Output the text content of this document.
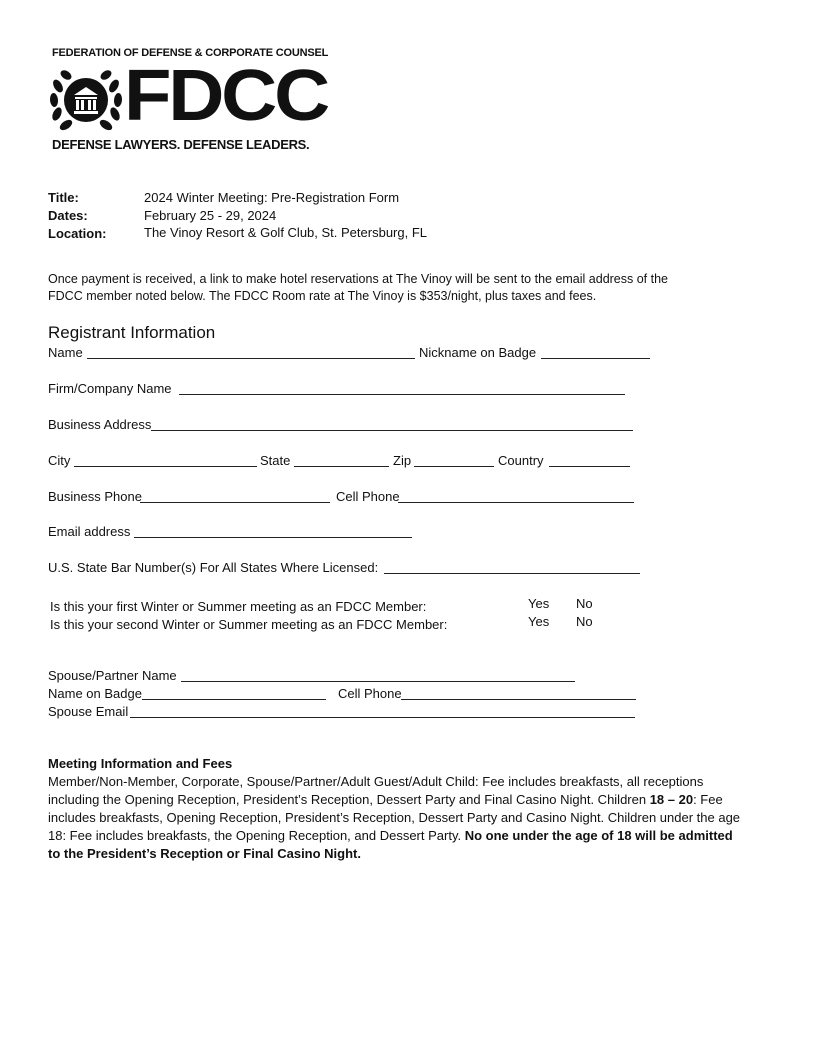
FEDERATION OF DEFENSE & CORPORATE COUNSEL
FDCC
DEFENSE LAWYERS. DEFENSE LEADERS.
Title:	2024 Winter Meeting: Pre-Registration Form
Dates:	February 25 - 29, 2024
Location:	The Vinoy Resort & Golf Club, St. Petersburg, FL
Once payment is received, a link to make hotel reservations at The Vinoy will be sent to the email address of the
FDCC member noted below. The FDCC Room rate at The Vinoy is $353/night, plus taxes and fees.
Registrant Information
Name	Nickname on Badge
Firm/Company Name
Business Address
City	State	Zip	Country
Business Phone	Cell Phone
Email address
U.S. State Bar Number(s) For All States Where Licensed:
Is this your first Winter or Summer meeting as an FDCC Member:	Yes No
Is this your second Winter or Summer meeting as an FDCC Member:	Yes No
Spouse/Partner Name
Name on Badge	Cell Phone
Spouse Email
Meeting Information and Fees
Member/Non-Member, Corporate, Spouse/Partner/Adult Guest/Adult Child: Fee includes breakfasts, all receptions including the Opening Reception, President’s Reception, Dessert Party and Final Casino Night. Children 18 – 20: Fee includes breakfasts, Opening Reception, President’s Reception, Dessert Party and Casino Night. Children under the age 18: Fee includes breakfasts, the Opening Reception, and Dessert Party. No one under the age of 18 will be admitted to the President’s Reception or Final Casino Night.
